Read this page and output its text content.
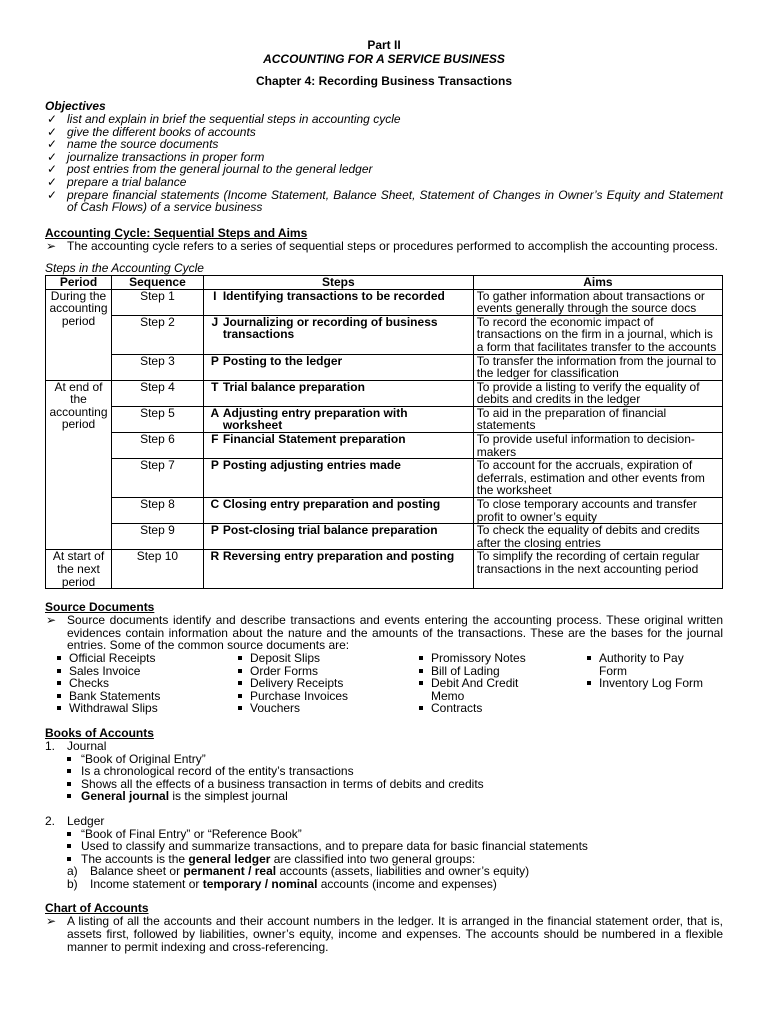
Part II
ACCOUNTING FOR A SERVICE BUSINESS
Chapter 4: Recording Business Transactions
Objectives
✓ list and explain in brief the sequential steps in accounting cycle
✓ give the different books of accounts
✓ name the source documents
✓ journalize transactions in proper form
✓ post entries from the general journal to the general ledger
✓ prepare a trial balance
✓ prepare financial statements (Income Statement, Balance Sheet, Statement of Changes in Owner’s Equity and Statement of Cash Flows) of a service business
Accounting Cycle: Sequential Steps and Aims
➢ The accounting cycle refers to a series of sequential steps or procedures performed to accomplish the accounting process.
Steps in the Accounting Cycle
Period	Sequence	Steps	Aims
During the accounting period	Step 1	I Identifying transactions to be recorded	To gather information about transactions or events generally through the source docs
	Step 2	J Journalizing or recording of business transactions	To record the economic impact of transactions on the firm in a journal, which is a form that facilitates transfer to the accounts
	Step 3	P Posting to the ledger	To transfer the information from the journal to the ledger for classification
At end of the accounting period	Step 4	T Trial balance preparation	To provide a listing to verify the equality of debits and credits in the ledger
	Step 5	A Adjusting entry preparation with worksheet	To aid in the preparation of financial statements
	Step 6	F Financial Statement preparation	To provide useful information to decision-makers
	Step 7	P Posting adjusting entries made	To account for the accruals, expiration of deferrals, estimation and other events from the worksheet
	Step 8	C Closing entry preparation and posting	To close temporary accounts and transfer profit to owner’s equity
	Step 9	P Post-closing trial balance preparation	To check the equality of debits and credits after the closing entries
At start of the next period	Step 10	R Reversing entry preparation and posting	To simplify the recording of certain regular transactions in the next accounting period
Source Documents
➢ Source documents identify and describe transactions and events entering the accounting process. These original written evidences contain information about the nature and the amounts of the transactions. These are the bases for the journal entries. Some of the common source documents are:
Official Receipts
Sales Invoice
Checks
Bank Statements
Withdrawal Slips
Deposit Slips
Order Forms
Delivery Receipts
Purchase Invoices
Vouchers
Promissory Notes
Bill of Lading
Debit And Credit Memo
Contracts
Authority to Pay Form
Inventory Log Form
Books of Accounts
1. Journal
“Book of Original Entry”
Is a chronological record of the entity’s transactions
Shows all the effects of a business transaction in terms of debits and credits
General journal is the simplest journal
2. Ledger
“Book of Final Entry” or “Reference Book”
Used to classify and summarize transactions, and to prepare data for basic financial statements
The accounts is the general ledger are classified into two general groups:
a) Balance sheet or permanent / real accounts (assets, liabilities and owner’s equity)
b) Income statement or temporary / nominal accounts (income and expenses)
Chart of Accounts
➢ A listing of all the accounts and their account numbers in the ledger. It is arranged in the financial statement order, that is, assets first, followed by liabilities, owner’s equity, income and expenses. The accounts should be numbered in a flexible manner to permit indexing and cross-referencing.
